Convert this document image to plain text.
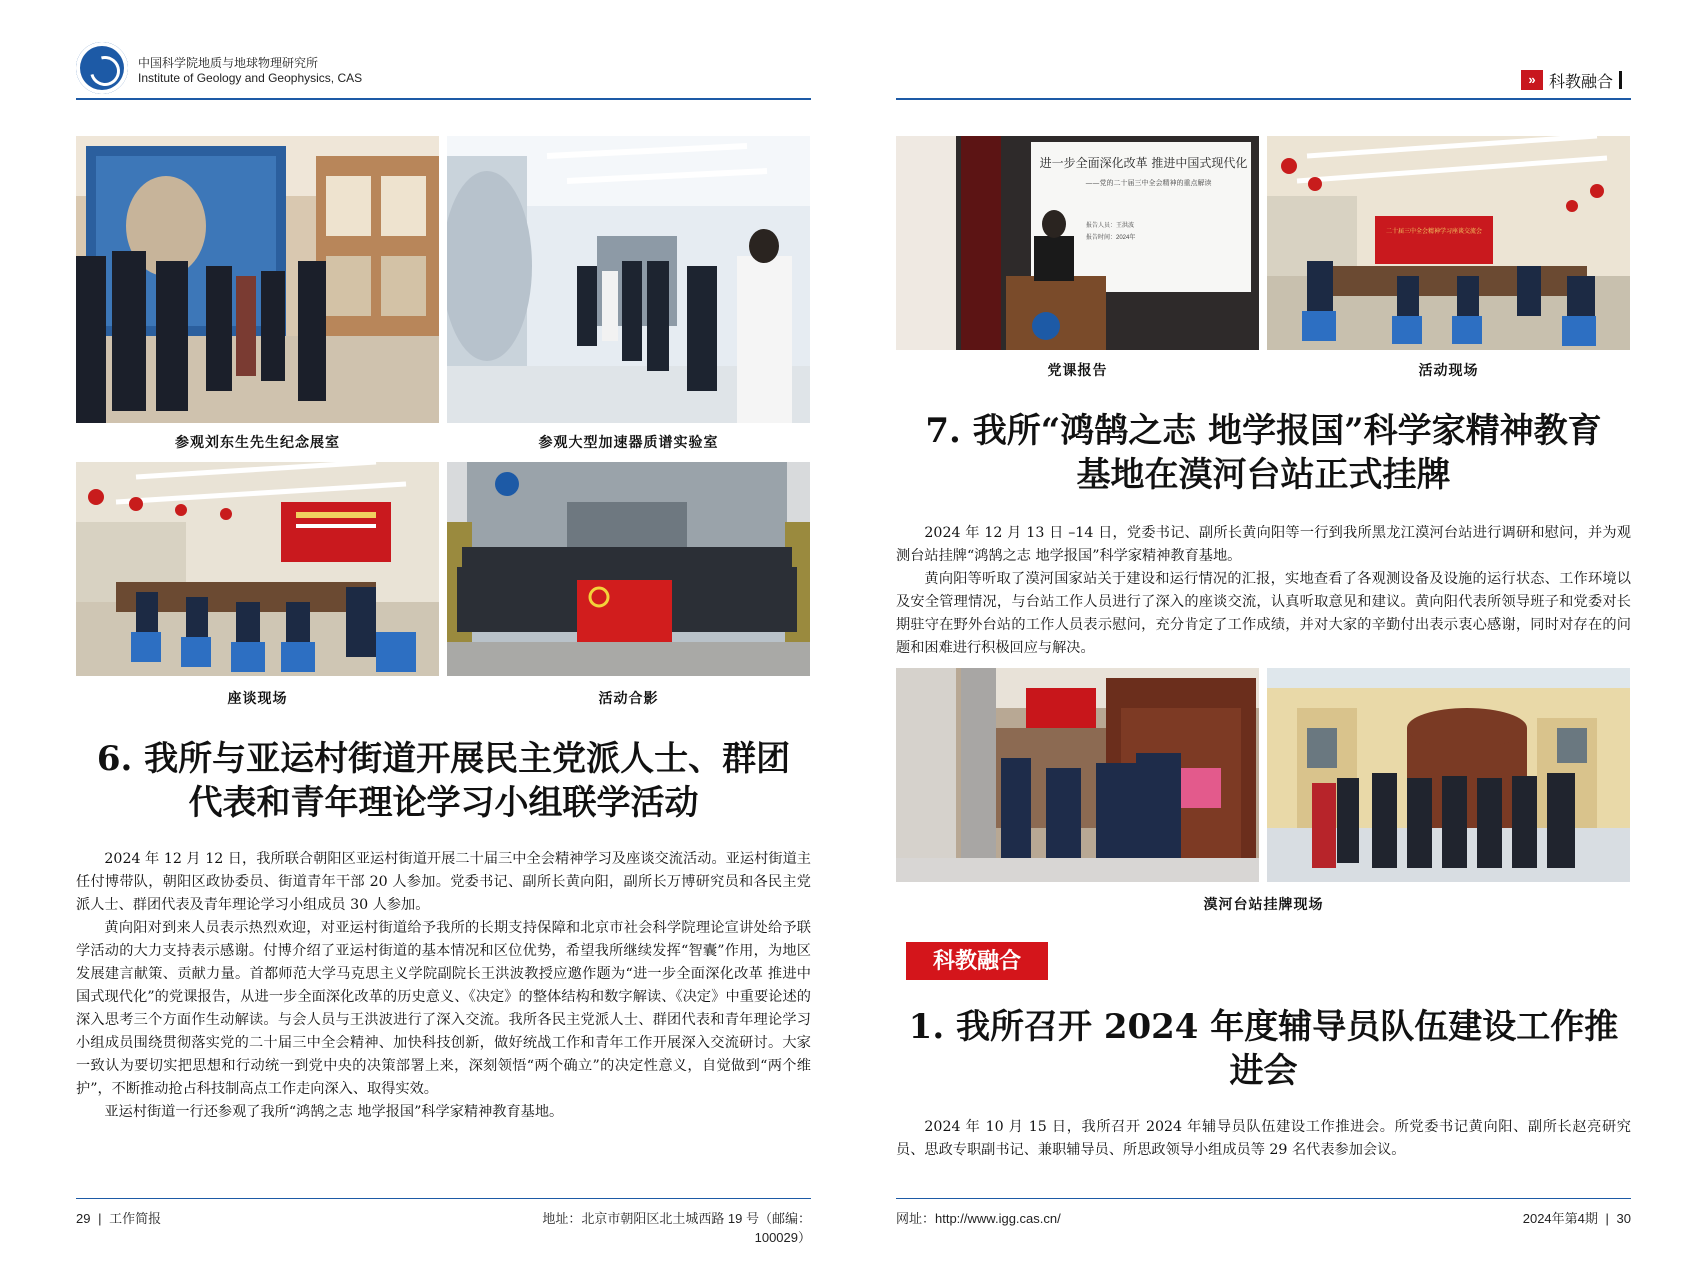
中国科学院地质与地球物理研究所
Institute of Geology and Geophysics, CAS	» 科教融合
参观刘东生先生纪念展室	参观大型加速器质谱实验室
座谈现场	活动合影
6. 我所与亚运村街道开展民主党派人士、群团
代表和青年理论学习小组联学活动

2024 年 12 月 12 日，我所联合朝阳区亚运村街道开展二十届三中全会精神学习及座谈交流活动。亚运村街道主任付博带队，朝阳区政协委员、街道青年干部 20 人参加。党委书记、副所长黄向阳，副所长万博研究员和各民主党派人士、群团代表及青年理论学习小组成员 30 人参加。

黄向阳对到来人员表示热烈欢迎，对亚运村街道给予我所的长期支持保障和北京市社会科学院理论宣讲处给予联学活动的大力支持表示感谢。付博介绍了亚运村街道的基本情况和区位优势，希望我所继续发挥“智囊”作用，为地区发展建言献策、贡献力量。首都师范大学马克思主义学院副院长王洪波教授应邀作题为“进一步全面深化改革 推进中国式现代化”的党课报告，从进一步全面深化改革的历史意义、《决定》的整体结构和数字解读、《决定》中重要论述的深入思考三个方面作生动解读。与会人员与王洪波进行了深入交流。我所各民主党派人士、群团代表和青年理论学习小组成员围绕贯彻落实党的二十届三中全会精神、加快科技创新，做好统战工作和青年工作开展深入交流研讨。大家一致认为要切实把思想和行动统一到党中央的决策部署上来，深刻领悟“两个确立”的决定性意义，自觉做到“两个维护”，不断推动抢占科技制高点工作走向深入、取得实效。

亚运村街道一行还参观了我所“鸿鹄之志 地学报国”科学家精神教育基地。

进一步全面深化改革 推进中国式现代化
——党的二十届三中全会精神的重点解读
报告人员：王洪波
报告时间：2024年
二十届三中全会精神学习座谈交流会
党课报告	活动现场
7. 我所“鸿鹄之志 地学报国”科学家精神教育
基地在漠河台站正式挂牌

2024 年 12 月 13 日 –14 日，党委书记、副所长黄向阳等一行到我所黑龙江漠河台站进行调研和慰问，并为观测台站挂牌“鸿鹄之志 地学报国”科学家精神教育基地。

黄向阳等听取了漠河国家站关于建设和运行情况的汇报，实地查看了各观测设备及设施的运行状态、工作环境以及安全管理情况，与台站工作人员进行了深入的座谈交流，认真听取意见和建议。黄向阳代表所领导班子和党委对长期驻守在野外台站的工作人员表示慰问，充分肯定了工作成绩，并对大家的辛勤付出表示衷心感谢，同时对存在的问题和困难进行积极回应与解决。

漠河台站挂牌现场
科教融合
1. 我所召开 2024 年度辅导员队伍建设工作推
进会

2024 年 10 月 15 日，我所召开 2024 年辅导员队伍建设工作推进会。所党委书记黄向阳、副所长赵亮研究员、思政专职副书记、兼职辅导员、所思政领导小组成员等 29 名代表参加会议。

29 | 工作简报	地址：北京市朝阳区北土城西路 19 号（邮编：100029）
网址：http://www.igg.cas.cn/	2024年第4期 | 30
